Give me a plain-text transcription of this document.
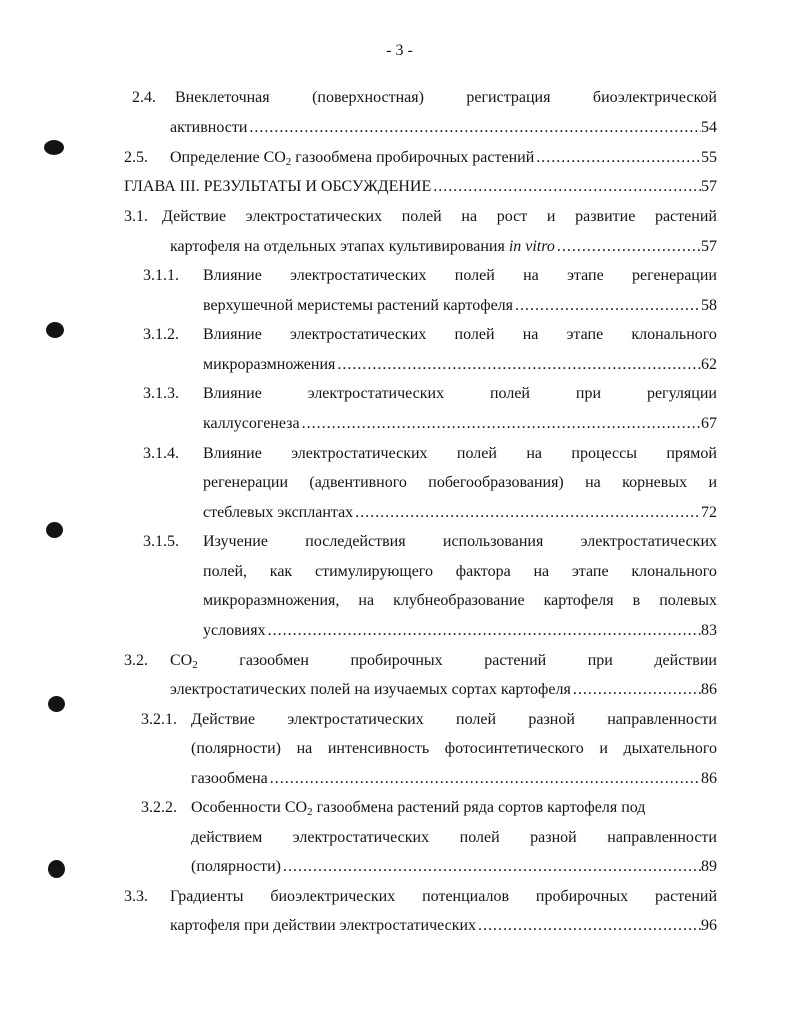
- 3 -
2.4. Внеклеточная	(поверхностная)	регистрация	биоэлектрической
активности .....	54
2.5. Определение $CO_2$ газообмена пробирочных растений .....	55
ГЛАВА III. РЕЗУЛЬТАТЫ И ОБСУЖДЕНИЕ .....	57
3.1. Действие электростатических полей на рост и развитие растений
картофеля на отдельных этапах культивирования in vitro .....	57
3.1.1. Влияние электростатических полей на этапе регенерации
верхушечной меристемы растений картофеля .....	58
3.1.2. Влияние электростатических полей на этапе клонального
микроразмножения .....	62
3.1.3. Влияние	электростатических	полей	при	регуляции
каллусогенеза .....	67
3.1.4. Влияние электростатических полей на процессы прямой
регенерации (адвентивного побегообразования) на корневых и
стеблевых эксплантах .....	72
3.1.5. Изучение последействия использования электростатических
полей, как стимулирующего фактора на этапе клонального
микроразмножения, на клубнеобразование картофеля в полевых
условиях .....	83
3.2. $CO_2$	газообмен	пробирочных	растений	при	действии
электростатических полей на изучаемых сортах картофеля .....	86
3.2.1. Действие электростатических полей разной направленности
(полярности) на интенсивность фотосинтетического и дыхательного
газообмена .....	86
3.2.2. Особенности $CO_2$ газообмена растений ряда сортов картофеля под
действием электростатических полей разной направленности
(полярности) .....	89
3.3. Градиенты биоэлектрических потенциалов пробирочных растений
картофеля при действии электростатических .....	96
